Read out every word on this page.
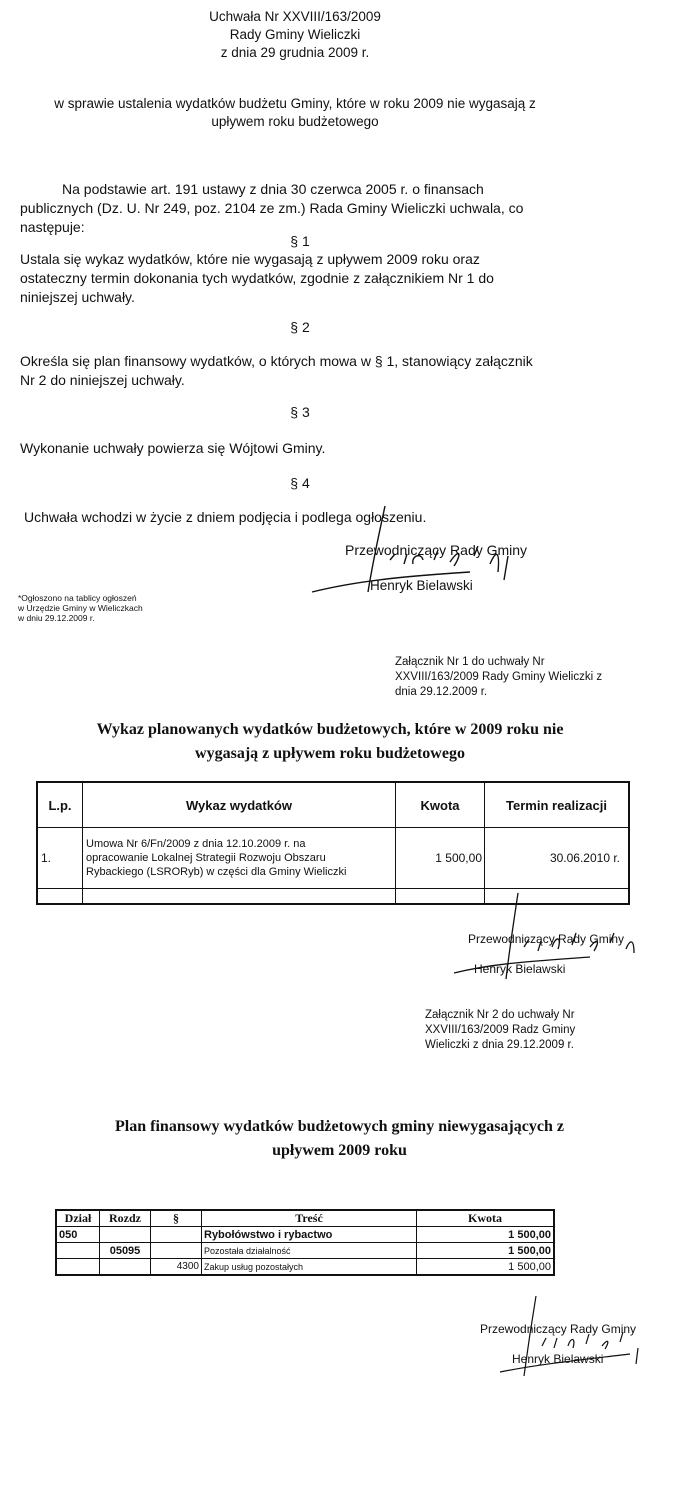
Uchwała Nr XXVIII/163/2009
Rady Gminy Wieliczki
z dnia 29 grudnia 2009 r.
w sprawie ustalenia wydatków budżetu Gminy, które w roku 2009 nie wygasają z
upływem roku budżetowego
Na podstawie art. 191 ustawy z dnia 30 czerwca 2005 r. o finansach
publicznych (Dz. U. Nr 249, poz. 2104 ze zm.) Rada Gminy Wieliczki uchwala, co
następuje:
§ 1
Ustala się wykaz wydatków, które nie wygasają z upływem 2009 roku oraz
ostateczny termin dokonania tych wydatków, zgodnie z załącznikiem Nr 1 do
niniejszej uchwały.
§ 2
Określa się plan finansowy wydatków, o których mowa w § 1, stanowiący załącznik
Nr 2 do niniejszej uchwały.
§ 3
Wykonanie uchwały powierza się Wójtowi Gminy.
§ 4
Uchwała wchodzi w życie z dniem podjęcia i podlega ogłoszeniu.
Przewodniczący Rady Gminy
Henryk Bielawski
*Ogłoszono na tablicy ogłoszeń
w Urzędzie Gminy w Wieliczkach
w dniu 29.12.2009 r.
Załącznik Nr 1 do uchwały Nr
XXVIII/163/2009 Rady Gminy Wieliczki z
dnia 29.12.2009 r.
Wykaz planowanych wydatków budżetowych, które w 2009 roku nie
wygasają z upływem roku budżetowego
L.p.	Wykaz wydatków	Kwota	Termin realizacji
1.	Umowa Nr 6/Fn/2009 z dnia 12.10.2009 r. na
opracowanie Lokalnej Strategii Rozwoju Obszaru
Rybackiego (LSRORyb) w części dla Gminy Wieliczki	1 500,00	30.06.2010 r.

Przewodniczący Rady Gminy
Henryk Bielawski
Załącznik Nr 2 do uchwały Nr
XXVIII/163/2009 Radz Gminy
Wieliczki z dnia 29.12.2009 r.
Plan finansowy wydatków budżetowych gminy niewygasających z
upływem 2009 roku
Dział	Rozdz	§	Treść	Kwota
050			Rybołówstwo i rybactwo	1 500,00
	05095		Pozostała działalność	1 500,00
		4300	Zakup usług pozostałych	1 500,00
Przewodniczący Rady Gminy
Henryk Bielawski
